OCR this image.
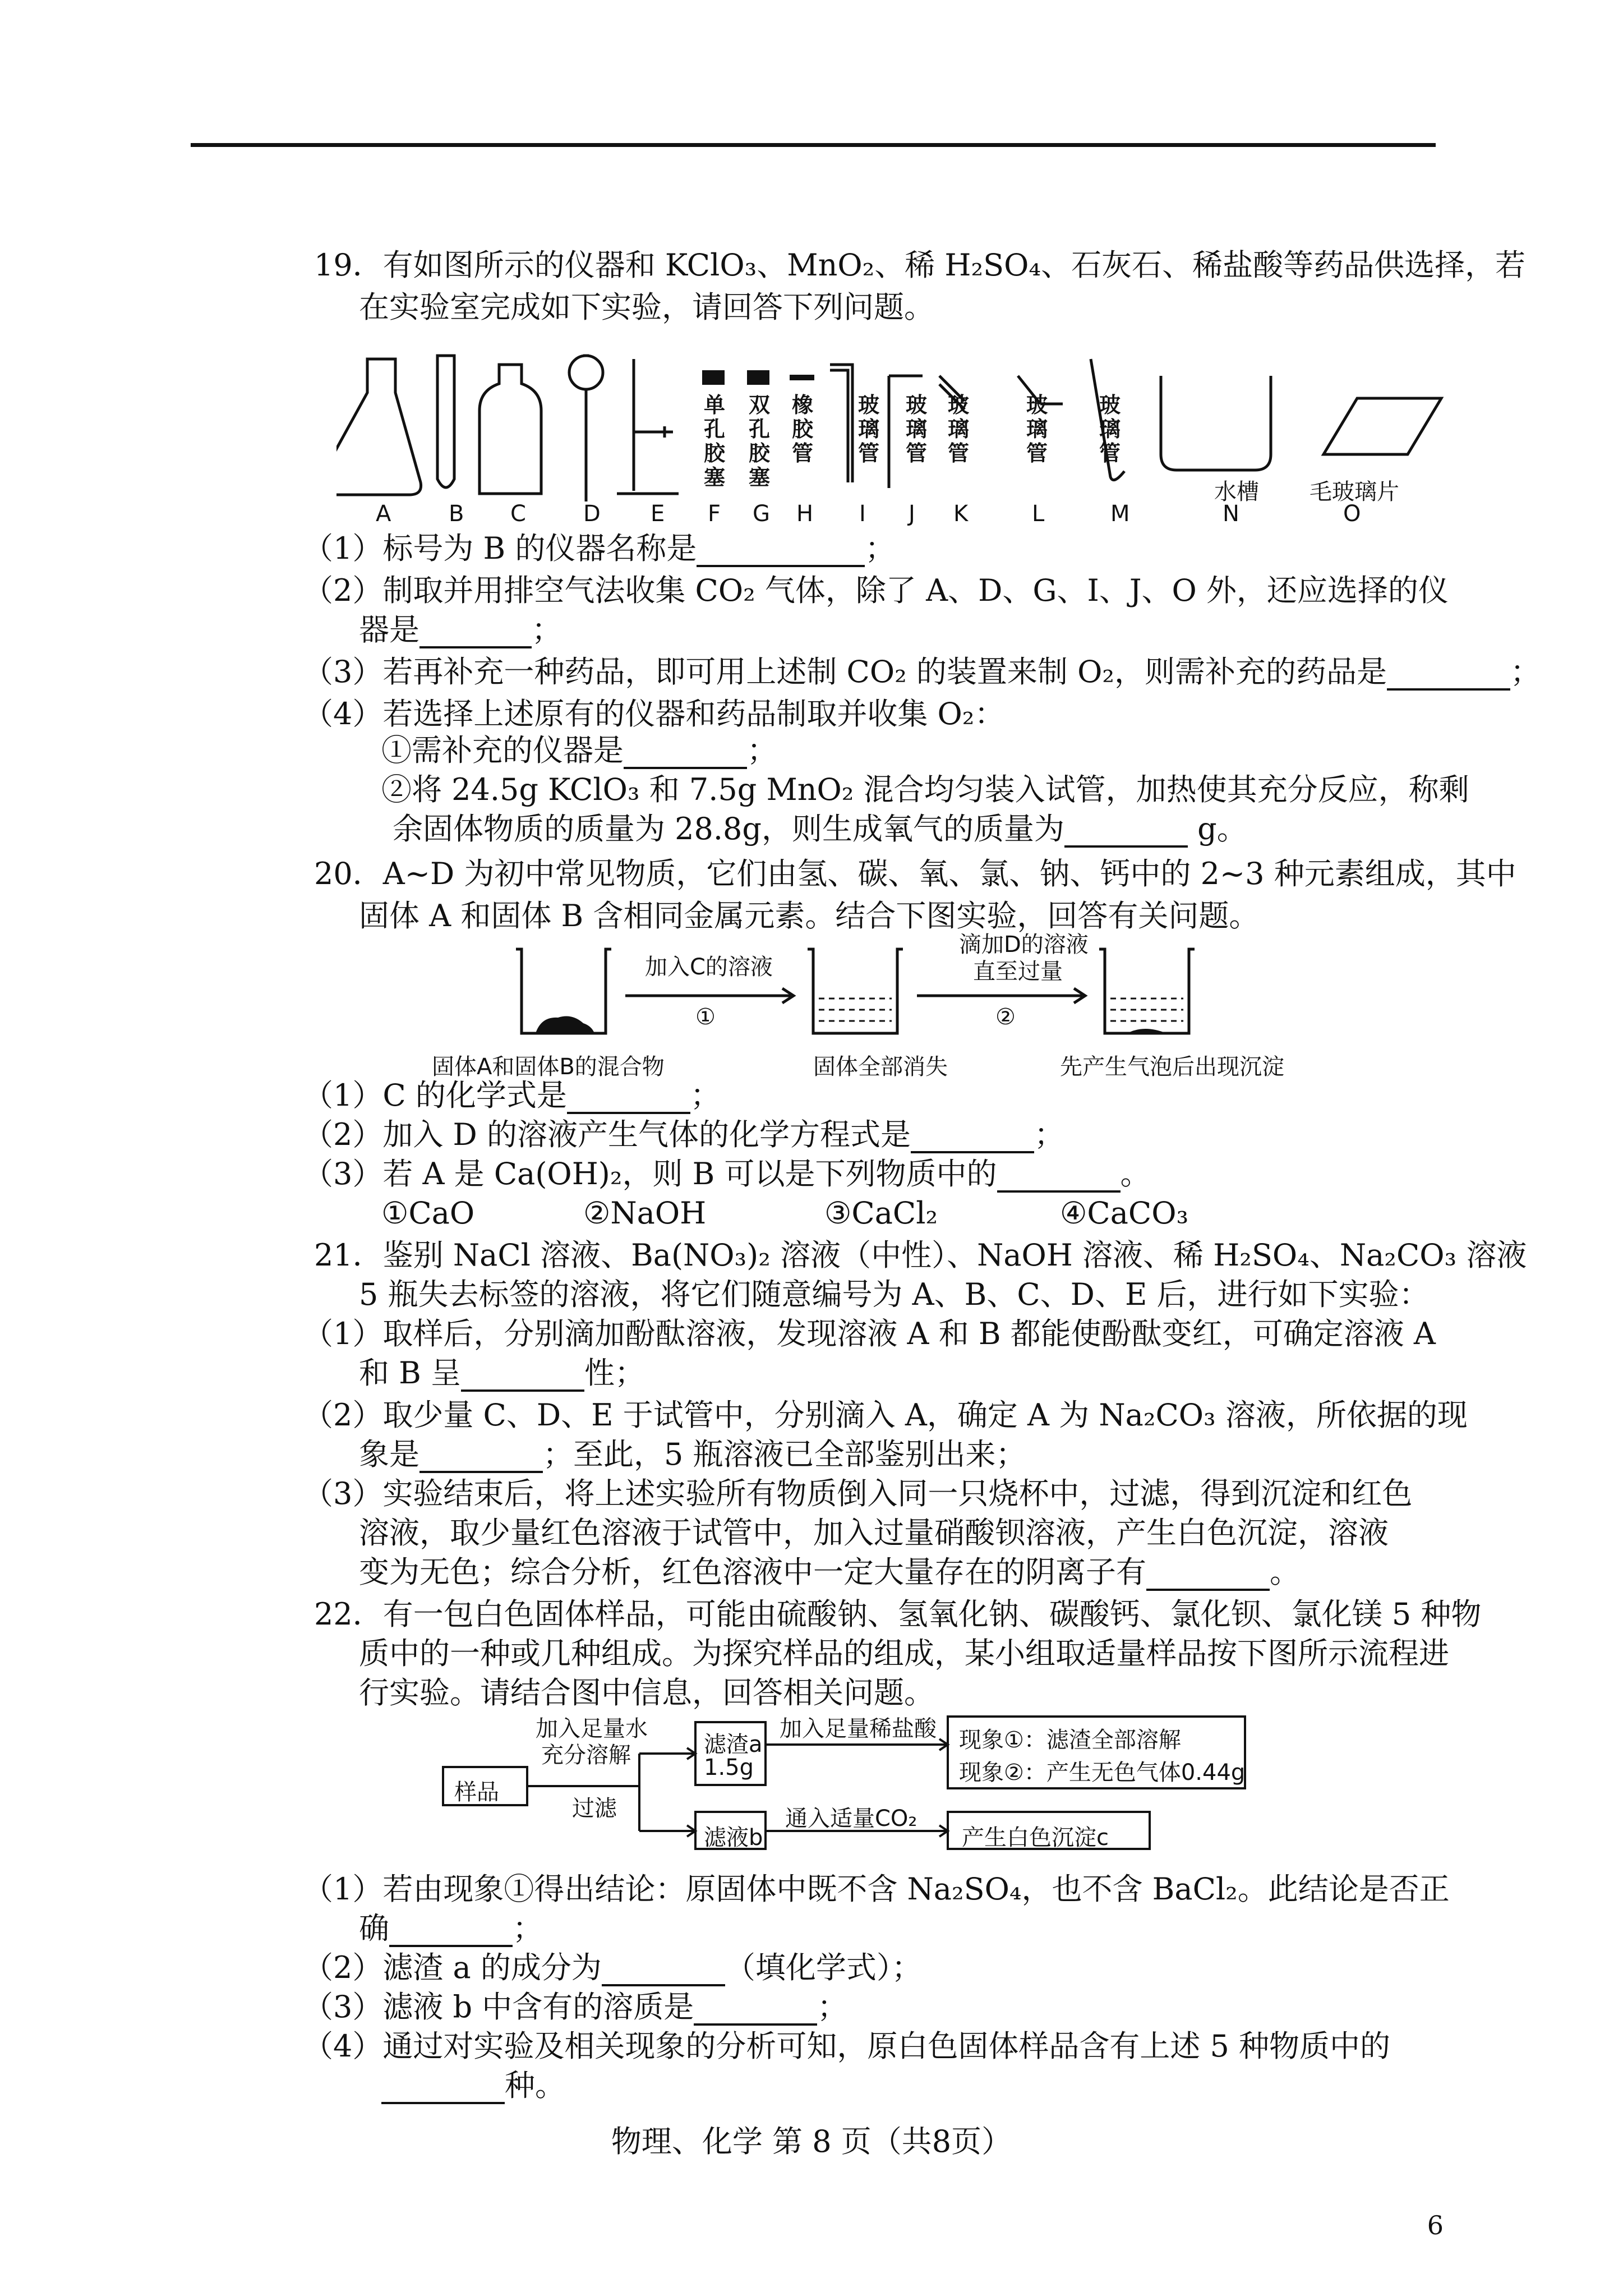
19．有如图所示的仪器和 KClO₃、MnO₂、稀 H₂SO₄、石灰石、稀盐酸等药品供选择，若
在实验室完成如下实验，请回答下列问题。
单
孔
胶
塞
双
孔
胶
塞
橡
胶
管
玻
璃
管
玻
璃
管
玻
璃
管
玻
璃
管
玻
璃
管
水槽 毛玻璃片
A	B C	D E F G H I J K	L	M	N	O
（1）标号为 B 的仪器名称是	；
（2）制取并用排空气法收集 CO₂ 气体，除了 A、D、G、I、J、O 外，还应选择的仪
器是	；
（3）若再补充一种药品，即可用上述制 CO₂ 的装置来制 O₂，则需补充的药品是	；
（4）若选择上述原有的仪器和药品制取并收集 O₂：
①需补充的仪器是	；
②将 24.5g KClO₃ 和 7.5g MnO₂ 混合均匀装入试管，加热使其充分反应，称剩
余固体物质的质量为 28.8g，则生成氧气的质量为	g。
20．A~D 为初中常见物质，它们由氢、碳、氧、氯、钠、钙中的 2~3 种元素组成，其中
固体 A 和固体 B 含相同金属元素。结合下图实验，回答有关问题。
加入C的溶液
①
滴加D的溶液
直至过量
②
固体A和固体B的混合物	固体全部消失	先产生气泡后出现沉淀
（1）C 的化学式是	；
（2）加入 D 的溶液产生气体的化学方程式是	；
（3）若 A 是 Ca(OH)₂，则 B 可以是下列物质中的	。
①CaO	②NaOH	③CaCl₂	④CaCO₃
21．鉴别 NaCl 溶液、Ba(NO₃)₂ 溶液（中性）、NaOH 溶液、稀 H₂SO₄、Na₂CO₃ 溶液
5 瓶失去标签的溶液，将它们随意编号为 A、B、C、D、E 后，进行如下实验：
（1）取样后，分别滴加酚酞溶液，发现溶液 A 和 B 都能使酚酞变红，可确定溶液 A
和 B 呈	性；
（2）取少量 C、D、E 于试管中，分别滴入 A，确定 A 为 Na₂CO₃ 溶液，所依据的现
象是	；至此，5 瓶溶液已全部鉴别出来；
（3）实验结束后，将上述实验所有物质倒入同一只烧杯中，过滤，得到沉淀和红色
溶液，取少量红色溶液于试管中，加入过量硝酸钡溶液，产生白色沉淀，溶液
变为无色；综合分析，红色溶液中一定大量存在的阴离子有	。
22．有一包白色固体样品，可能由硫酸钠、氢氧化钠、碳酸钙、氯化钡、氯化镁 5 种物
质中的一种或几种组成。为探究样品的组成，某小组取适量样品按下图所示流程进
行实验。请结合图中信息，回答相关问题。
样品
加入足量水
充分溶解
过滤
滤渣a
1.5g
滤液b
加入足量稀盐酸
通入适量CO₂
现象①：滤渣全部溶解
现象②：产生无色气体0.44g
产生白色沉淀c
（1）若由现象①得出结论：原固体中既不含 Na₂SO₄，也不含 BaCl₂。此结论是否正
确	；
（2）滤渣 a 的成分为	（填化学式）；
（3）滤液 b 中含有的溶质是	；
（4）通过对实验及相关现象的分析可知，原白色固体样品含有上述 5 种物质中的
种。
物理、化学 第 8 页（共8页）
6
